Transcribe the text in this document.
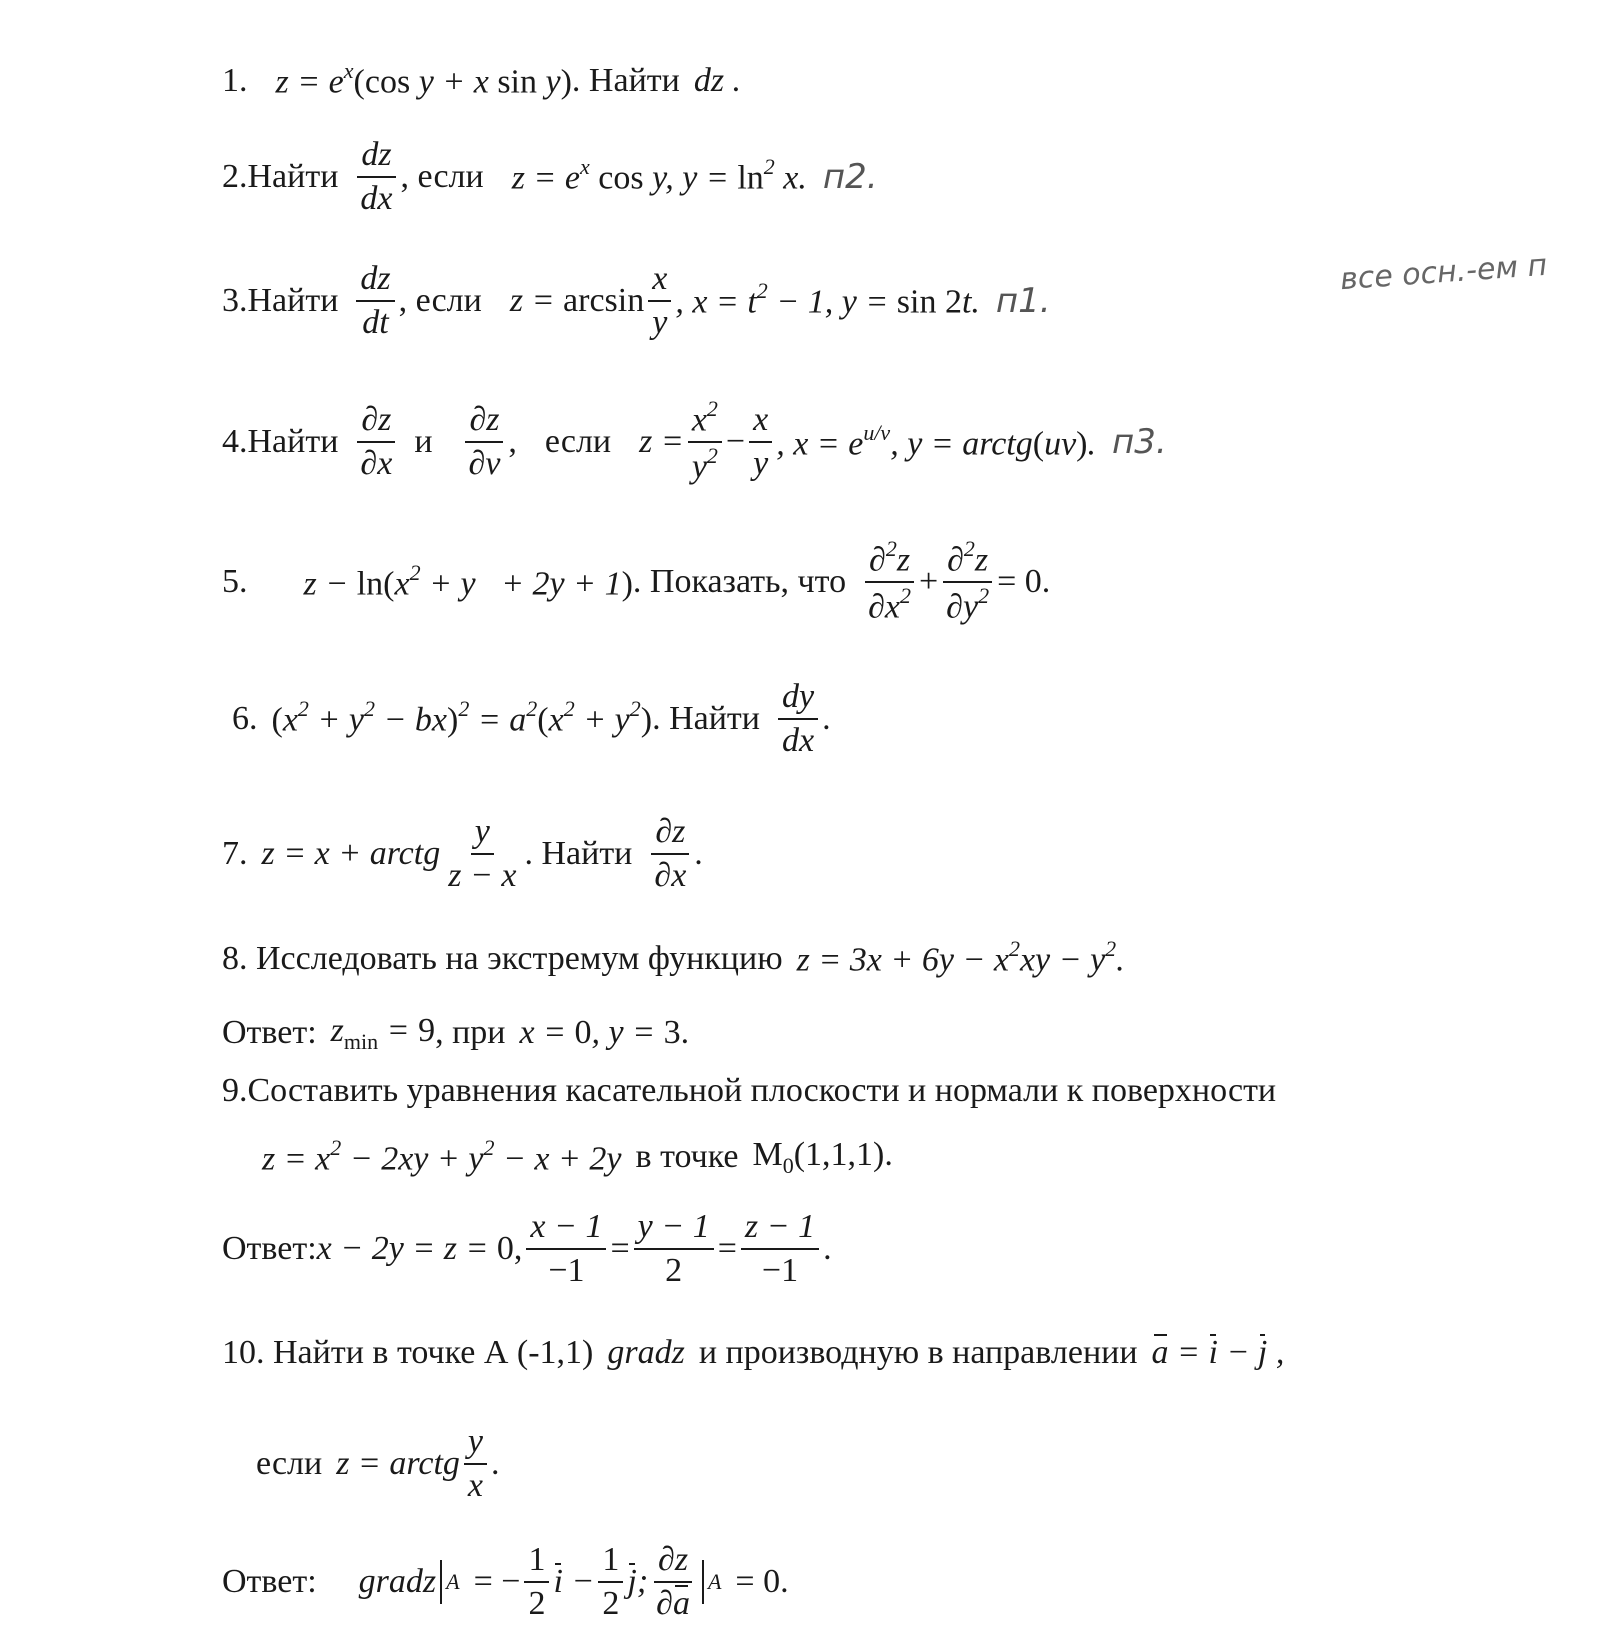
1. $z = e^x(\cos$ y + x sin y) . Найти dz .
2.Найти $\frac{dz}{dx}$ , если $z = e^x$ cos y, $y = \ln^2 x$. п2.
3.Найти $\frac{dz}{dt}$ , если $z = \arcsin \frac{x}{y}$ , $x = t^2 - 1$, y = sin 2t. п1.
все осн.-ем п
4.Найти $\frac{\partial z}{\partial x}$ и $\frac{\partial z}{\partial v}$ , если $z = \frac{x^2}{y^2} - \frac{x}{y}$ , $x = e^{u/v}$, y = arctg(uv). п3.
5. $z - \ln(x^2 + y + 2y + 1)$ . Показать, что $\frac{\partial^2z}{\partial x^2} + \frac{\partial^2z}{\partial y^2} = 0$.
6. $(x^2 + y^2 - bx)^2 = a^2(x^2 + y^2)$ . Найти $\frac{dy}{dx}$ .
7. z = x + arctg $\frac{y}{z - x}$ . Найти $\frac{\partial z}{\partial x}$ .
8. Исследовать на экстремум функцию $z = 3x + 6y - x^2xy - y^2$.
Ответ: $z_{min} = 9$ , при x = 0, y = 3.
9.Составить уравнения касательной плоскости и нормали к поверхности
$z = x^2 - 2xy + y^2 - x + 2y$ в точке $M_0(1,1,1)$.
Ответ: x − 2y = z = 0, $\frac{x - 1}{-1} = \frac{y - 1}{2} = \frac{z - 1}{-1}$ .
10. Найти в точке А (-1,1) gradz и производную в направлении a = i − j ,
если z = arctg $\frac{y}{x}$ .
Ответ: gradz A = − $\frac{1}{2}$ $i - \frac{1}{2} j$; $\frac{\partial z}{\partial a}$ A = 0.
